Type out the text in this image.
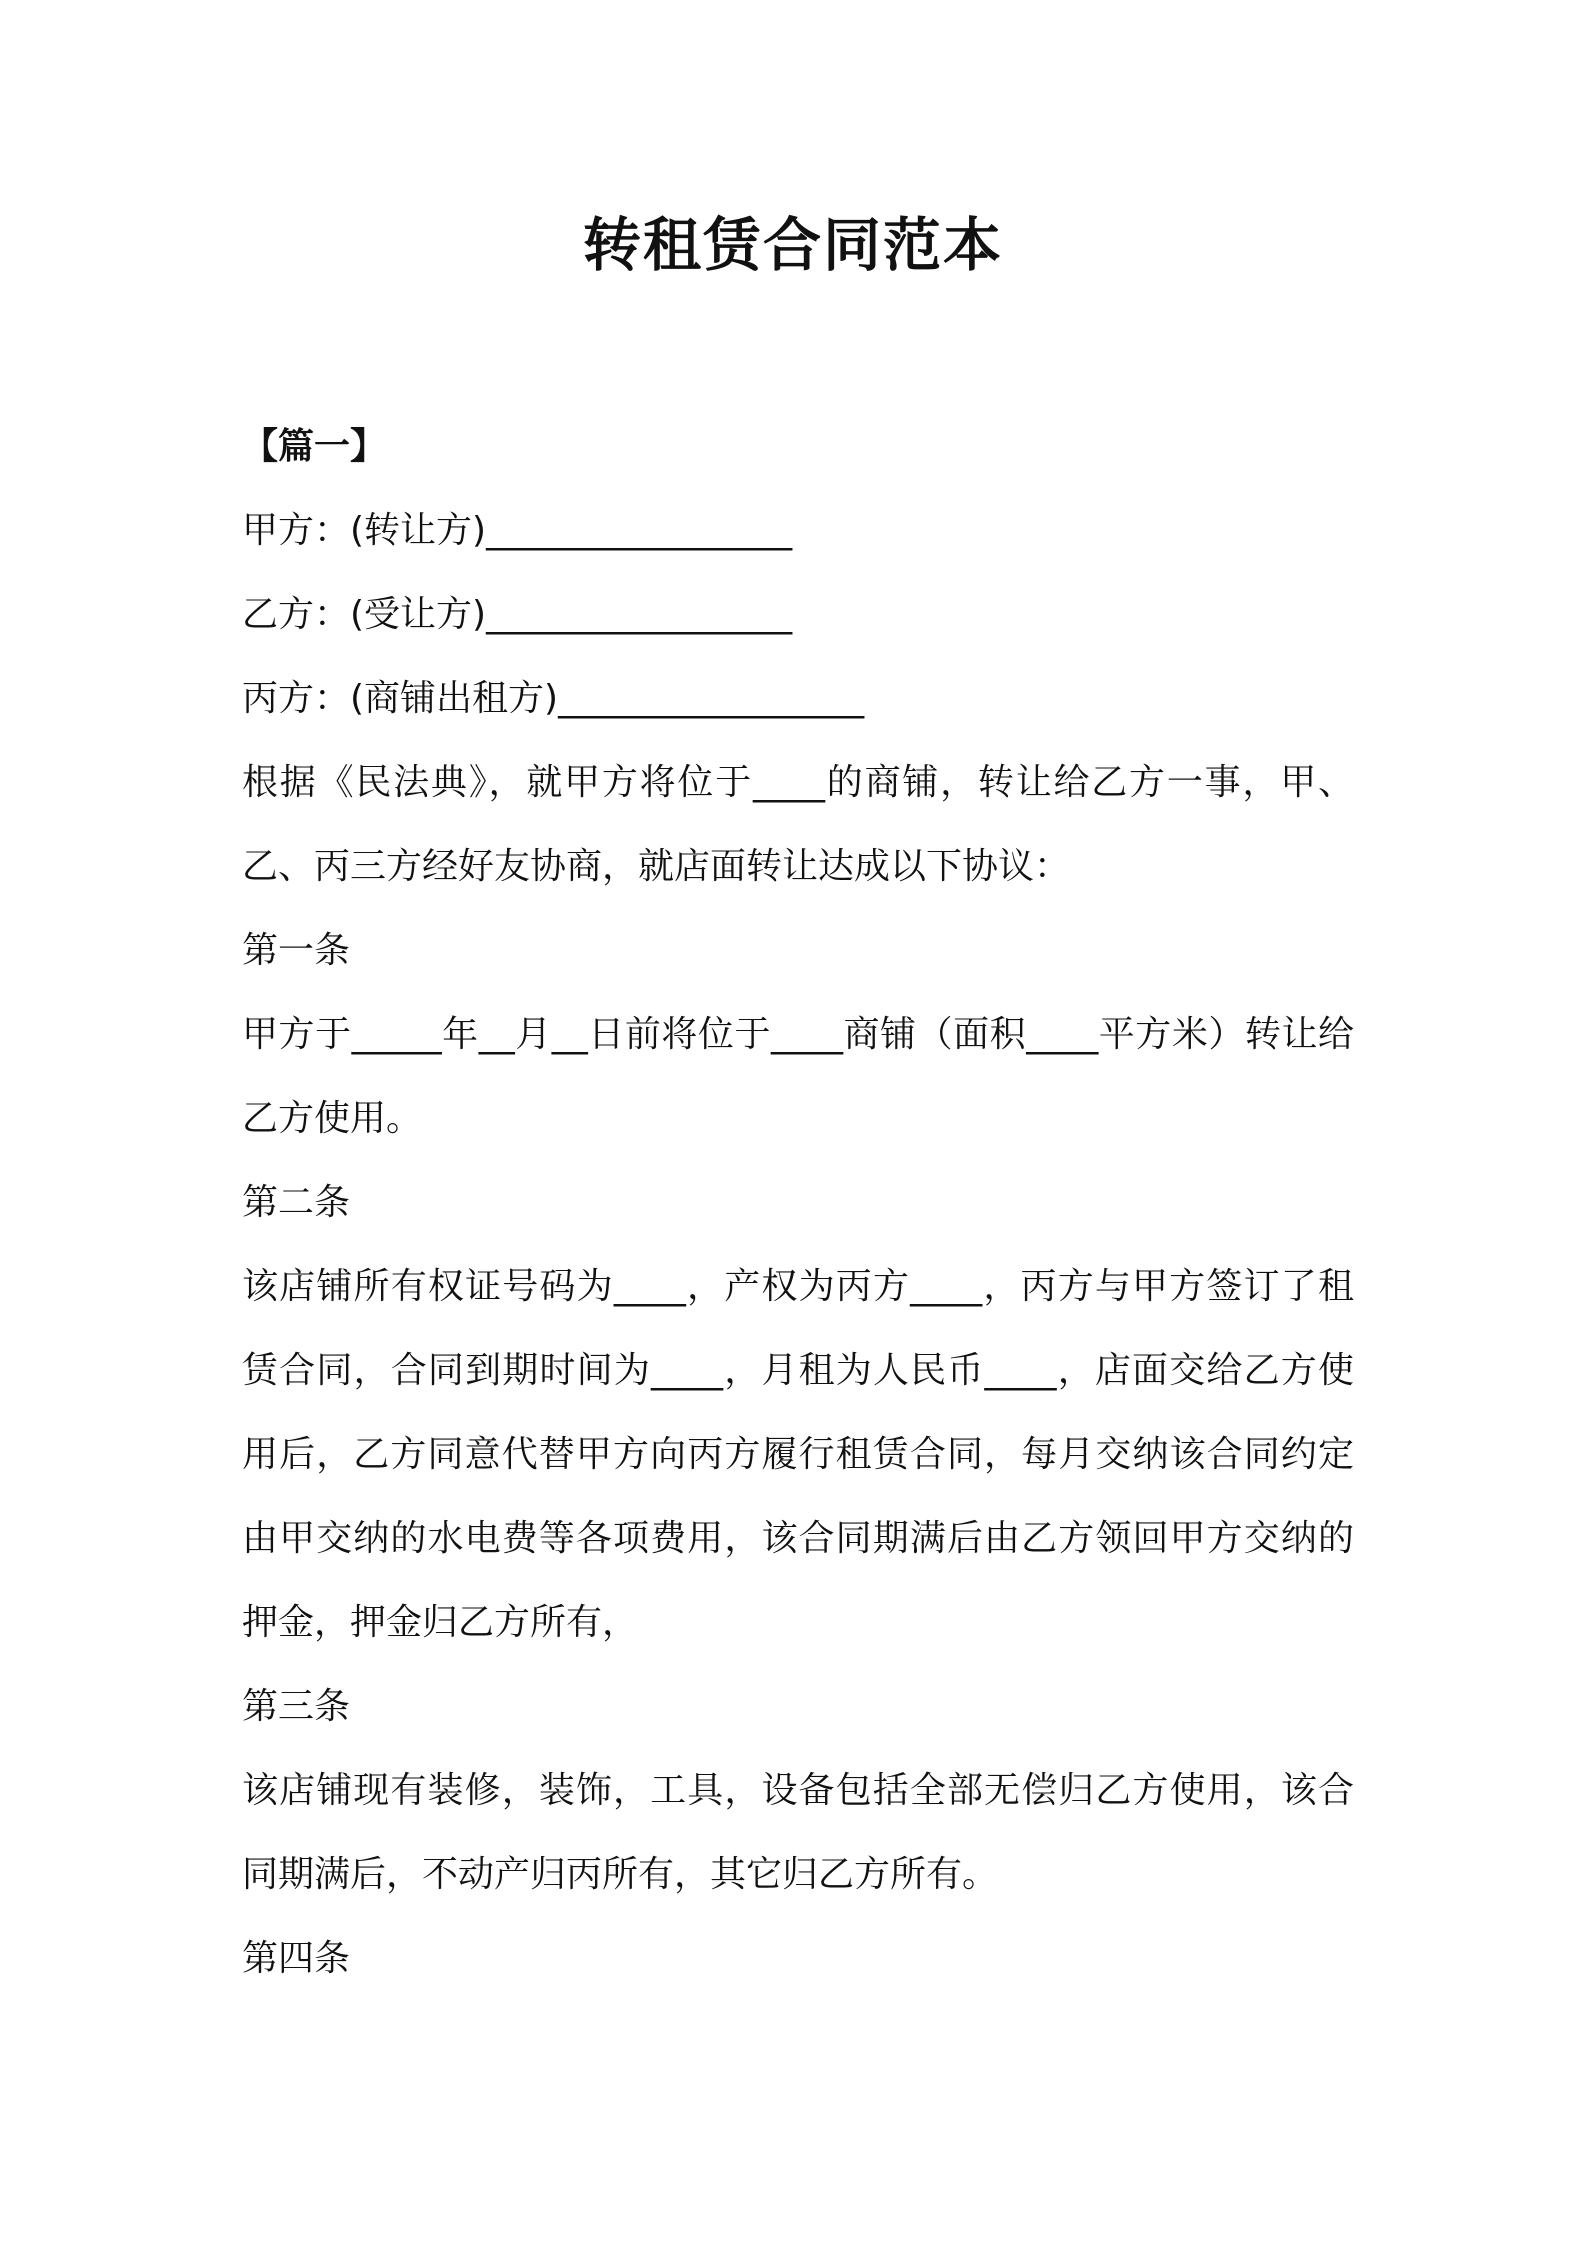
转租赁合同范本

【篇一】

甲方：(转让方)_________________

乙方：(受让方)_________________

丙方：(商铺出租方)_________________

根据《民法典》，就甲方将位于____的商铺，转让给乙方一事，甲、乙、丙三方经好友协商，就店面转让达成以下协议：

第一条

甲方于_____年__月__日前将位于____商铺（面积____平方米）转让给乙方使用。

第二条

该店铺所有权证号码为____，产权为丙方____，丙方与甲方签订了租赁合同，合同到期时间为____，月租为人民币____，店面交给乙方使用后，乙方同意代替甲方向丙方履行租赁合同，每月交纳该合同约定由甲交纳的水电费等各项费用，该合同期满后由乙方领回甲方交纳的押金，押金归乙方所有，

第三条

该店铺现有装修，装饰，工具，设备包括全部无偿归乙方使用，该合同期满后，不动产归丙所有，其它归乙方所有。

第四条
